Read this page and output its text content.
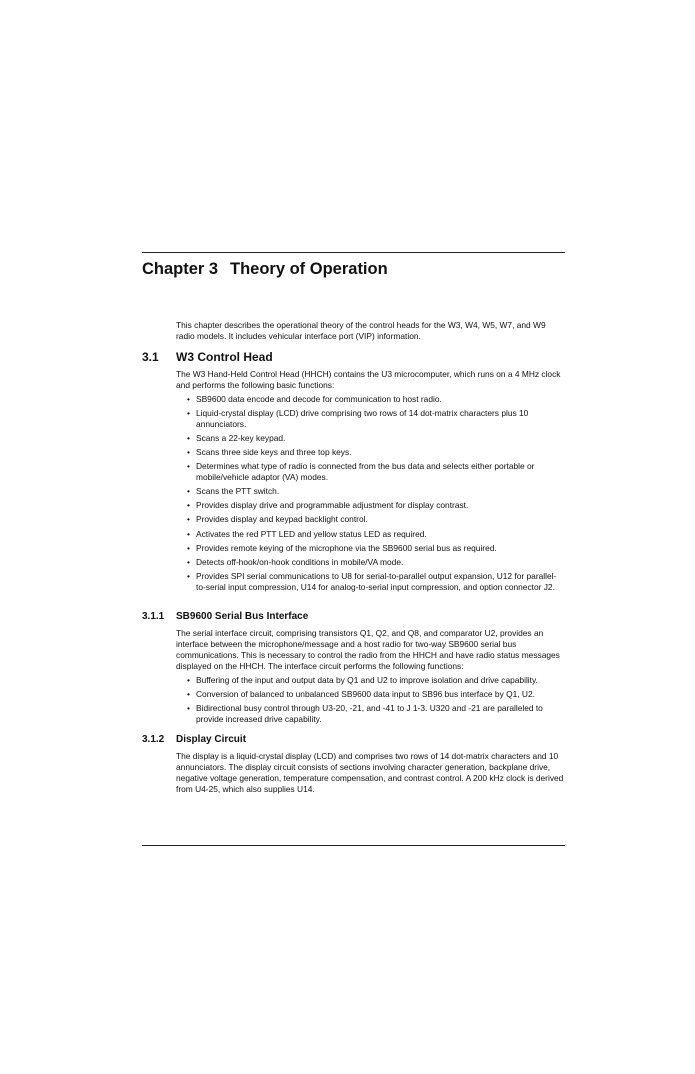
Chapter 3 Theory of Operation

This chapter describes the operational theory of the control heads for the W3, W4, W5, W7, and W9 radio models. It includes vehicular interface port (VIP) information.

3.1 W3 Control Head

The W3 Hand-Held Control Head (HHCH) contains the U3 microcomputer, which runs on a 4 MHz clock and performs the following basic functions:

• SB9600 data encode and decode for communication to host radio.
• Liquid-crystal display (LCD) drive comprising two rows of 14 dot-matrix characters plus 10 annunciators.
• Scans a 22-key keypad.
• Scans three side keys and three top keys.
• Determines what type of radio is connected from the bus data and selects either portable or mobile/vehicle adaptor (VA) modes.
• Scans the PTT switch.
• Provides display drive and programmable adjustment for display contrast.
• Provides display and keypad backlight control.
• Activates the red PTT LED and yellow status LED as required.
• Provides remote keying of the microphone via the SB9600 serial bus as required.
• Detects off-hook/on-hook conditions in mobile/VA mode.
• Provides SPI serial communications to U8 for serial-to-parallel output expansion, U12 for parallel-to-serial input compression, U14 for analog-to-serial input compression, and option connector J2.
3.1.1 SB9600 Serial Bus Interface

The serial interface circuit, comprising transistors Q1, Q2, and Q8, and comparator U2, provides an interface between the microphone/message and a host radio for two-way SB9600 serial bus communications. This is necessary to control the radio from the HHCH and have radio status messages displayed on the HHCH. The interface circuit performs the following functions:

• Buffering of the input and output data by Q1 and U2 to improve isolation and drive capability.
• Conversion of balanced to unbalanced SB9600 data input to SB96 bus interface by Q1, U2.
• Bidirectional busy control through U3-20, -21, and -41 to J 1-3. U320 and -21 are paralleled to provide increased drive capability.
3.1.2 Display Circuit

The display is a liquid-crystal display (LCD) and comprises two rows of 14 dot-matrix characters and 10 annunciators. The display circuit consists of sections involving character generation, backplane drive, negative voltage generation, temperature compensation, and contrast control. A 200 kHz clock is derived from U4-25, which also supplies U14.
